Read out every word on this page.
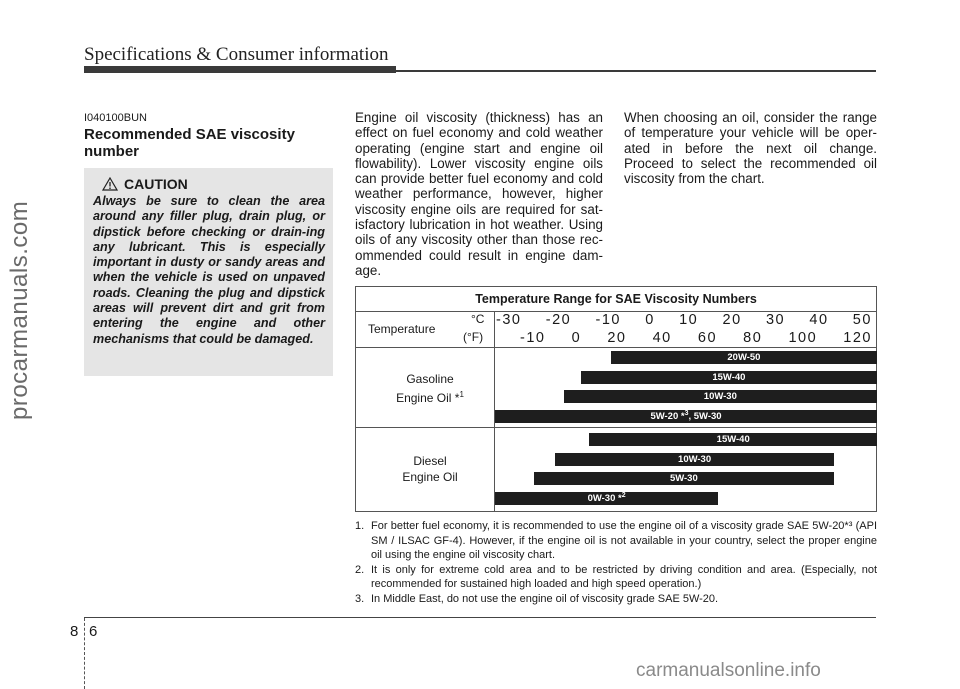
Specifications & Consumer information
procarmanuals.com
I040100BUN
Recommended SAE viscosity number
CAUTION
Always be sure to clean the area around any filler plug, drain plug, or dipstick before checking or drain-ing any lubricant. This is especially important in dusty or sandy areas and when the vehicle is used on unpaved roads. Cleaning the plug and dipstick areas will prevent dirt and grit from entering the engine and other mechanisms that could be damaged.
Engine oil viscosity (thickness) has an effect on fuel economy and cold weather operating (engine start and engine oil flowability). Lower viscosity engine oils can provide better fuel economy and cold weather performance, however, higher viscosity engine oils are required for sat-isfactory lubrication in hot weather. Using oils of any viscosity other than those rec-ommended could result in engine dam-age.
When choosing an oil, consider the range of temperature your vehicle will be oper-ated in before the next oil change. Proceed to select the recommended oil viscosity from the chart.
Temperature Range for SAE Viscosity Numbers
Temperature
°C
(°F)
-30 -20 -10 0 10 20 30 40 50
-10 0 20 40 60 80 100 120
Gasoline
Engine Oil *$^1$
Diesel
Engine Oil
20W-50
15W-40
10W-30
5W-20 *$^3$, 5W-30
15W-40
10W-30
5W-30
0W-30 *$^2$
1. For better fuel economy, it is recommended to use the engine oil of a viscosity grade SAE 5W-20*³ (API SM / ILSAC GF-4). However, if the engine oil is not available in your country, select the proper engine oil using the engine oil viscosity chart.
2. It is only for extreme cold area and to be restricted by driving condition and area. (Especially, not recommended for sustained high loaded and high speed operation.)
3. In Middle East, do not use the engine oil of viscosity grade SAE 5W-20.
8 6
carmanualsonline.info
